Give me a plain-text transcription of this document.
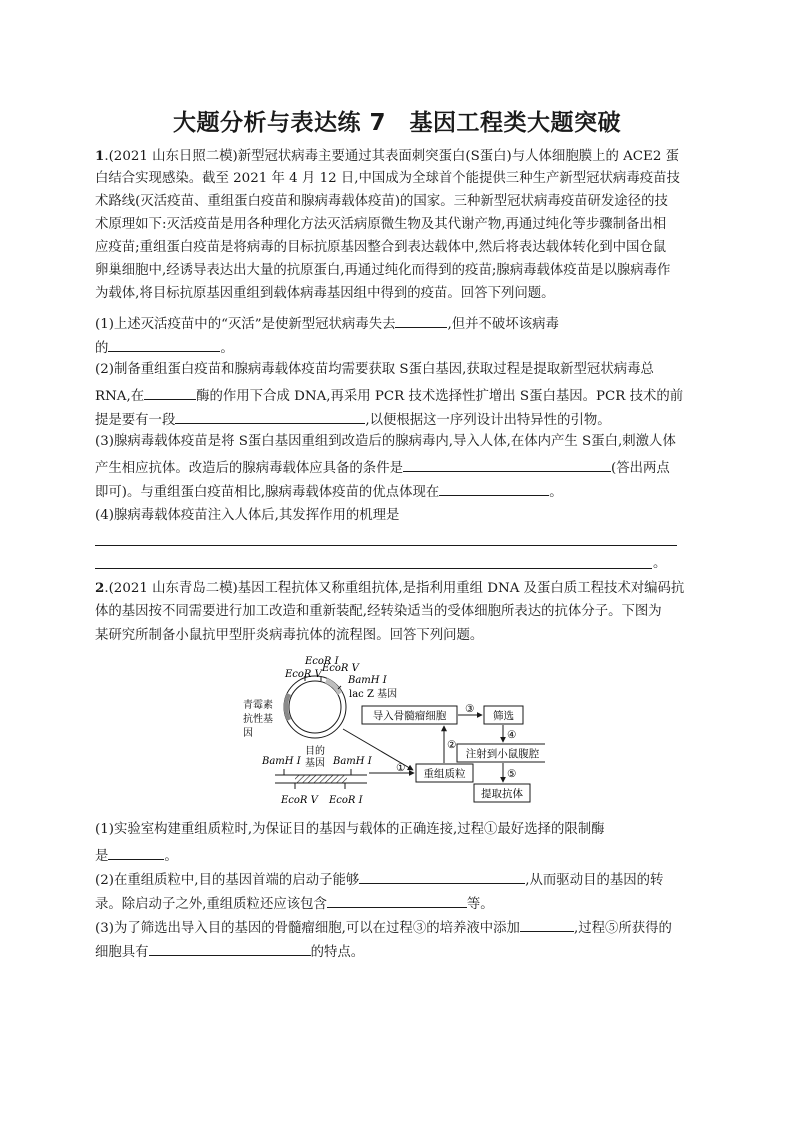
大题分析与表达练 7　基因工程类大题突破
1.(2021 山东日照二模)新型冠状病毒主要通过其表面刺突蛋白(S蛋白)与人体细胞膜上的 ACE2 蛋
白结合实现感染。截至 2021 年 4 月 12 日,中国成为全球首个能提供三种生产新型冠状病毒疫苗技
术路线(灭活疫苗、重组蛋白疫苗和腺病毒载体疫苗)的国家。三种新型冠状病毒疫苗研发途径的技
术原理如下:灭活疫苗是用各种理化方法灭活病原微生物及其代谢产物,再通过纯化等步骤制备出相
应疫苗;重组蛋白疫苗是将病毒的目标抗原基因整合到表达载体中,然后将表达载体转化到中国仓鼠
卵巢细胞中,经诱导表达出大量的抗原蛋白,再通过纯化而得到的疫苗;腺病毒载体疫苗是以腺病毒作
为载体,将目标抗原基因重组到载体病毒基因组中得到的疫苗。回答下列问题。
(1)上述灭活疫苗中的“灭活”是使新型冠状病毒失去	,但并不破坏该病毒
的	。
(2)制备重组蛋白疫苗和腺病毒载体疫苗均需要获取 S蛋白基因,获取过程是提取新型冠状病毒总
RNA,在	酶的作用下合成 DNA,再采用 PCR 技术选择性扩增出 S蛋白基因。PCR 技术的前
提是要有一段	,以便根据这一序列设计出特异性的引物。
(3)腺病毒载体疫苗是将 S蛋白基因重组到改造后的腺病毒内,导入人体,在体内产生 S蛋白,刺激人体
产生相应抗体。改造后的腺病毒载体应具备的条件是	(答出两点
即可)。与重组蛋白疫苗相比,腺病毒载体疫苗的优点体现在	。
(4)腺病毒载体疫苗注入人体后,其发挥作用的机理是
。
2.(2021 山东青岛二模)基因工程抗体又称重组抗体,是指利用重组 DNA 及蛋白质工程技术对编码抗
体的基因按不同需要进行加工改造和重新装配,经转染适当的受体细胞所表达的抗体分子。下图为
某研究所制备小鼠抗甲型肝炎病毒抗体的流程图。回答下列问题。
EcoR Ⅴ
EcoR Ⅰ
EcoR Ⅴ
BamH Ⅰ
lac Z 基因
青霉素
抗性基
因
目的
基因
BamH Ⅰ	BamH Ⅰ
EcoR Ⅴ EcoR Ⅰ
导入骨髓瘤细胞	筛选
注射到小鼠腹腔
重组质粒
提取抗体
①
②
③
④
⑤
(1)实验室构建重组质粒时,为保证目的基因与载体的正确连接,过程①最好选择的限制酶
是	。
(2)在重组质粒中,目的基因首端的启动子能够	,从而驱动目的基因的转
录。除启动子之外,重组质粒还应该包含	等。
(3)为了筛选出导入目的基因的骨髓瘤细胞,可以在过程③的培养液中添加	,过程⑤所获得的
细胞具有	的特点。
